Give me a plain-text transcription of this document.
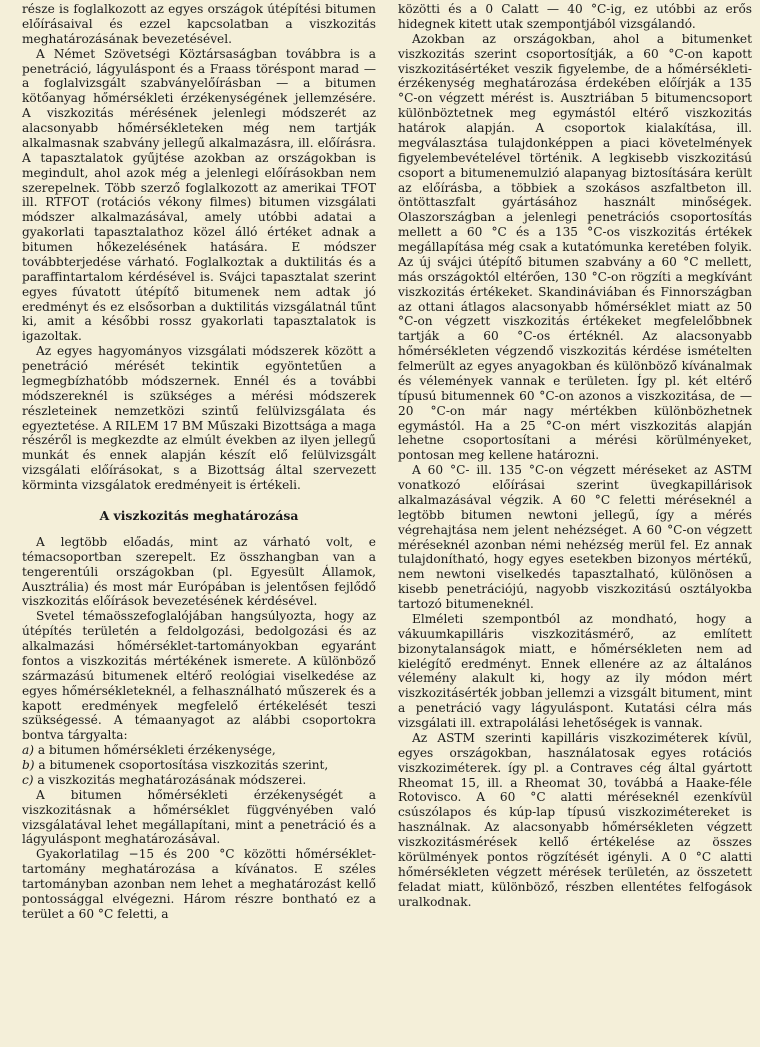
része is foglalkozott az egyes országok útépítési bitumen előírásaival és ezzel kapcsolatban a viszkozitás meghatározásának bevezetésével.

A Német Szövetségi Köztársaságban továbbra is a penetráció, lágyuláspont és a Fraass töréspont marad — a foglalvizsgált szabványelőírásban — a bitumen kötőanyag hőmérsékleti érzékenységének jellemzésére. A viszkozitás mérésének jelenlegi módszerét az alacsonyabb hőmérsékleteken még nem tartják alkalmasnak szabvány jellegű alkalmazásra, ill. előírásra. A tapasztalatok gyűjtése azokban az országokban is megindult, ahol azok még a jelenlegi előírásokban nem szerepelnek. Több szerző foglalkozott az amerikai TFOT ill. RTFOT (rotációs vékony filmes) bitumen vizsgálati módszer alkalmazásával, amely utóbbi adatai a gyakorlati tapasztalathoz közel álló értéket adnak a bitumen hőkezelésének hatására. E módszer továbbterjedése várható. Foglalkoztak a duktilitás és a paraffintartalom kérdésével is. Svájci tapasztalat szerint egyes fúvatott útépítő bitumenek nem adtak jó eredményt és ez elsősorban a duktilitás vizsgálatnál tűnt ki, amit a későbbi rossz gyakorlati tapasztalatok is igazoltak.

Az egyes hagyományos vizsgálati módszerek között a penetráció mérését tekintik egyöntetűen a legmegbízhatóbb módszernek. Ennél és a további módszereknél is szükséges a mérési módszerek részleteinek nemzetközi szintű felülvizsgálata és egyeztetése. A RILEM 17 BM Műszaki Bizottsága a maga részéről is megkezdte az elmúlt években az ilyen jellegű munkát és ennek alapján készít elő felülvizsgált vizsgálati előírásokat, s a Bizottság által szervezett körminta vizsgálatok eredményeit is értékeli.

A viszkozitás meghatározása

A legtöbb előadás, mint az várható volt, e témacsoportban szerepelt. Ez összhangban van a tengerentúli országokban (pl. Egyesült Államok, Ausztrália) és most már Európában is jelentősen fejlődő viszkozitás előírások bevezetésének kérdésével.

Svetel témaösszefoglalójában hangsúlyozta, hogy az útépítés területén a feldolgozási, bedolgozási és az alkalmazási hőmérséklet-tartományokban egyaránt fontos a viszkozitás mértékének ismerete. A különböző származású bitumenek eltérő reológiai viselkedése az egyes hőmérsékleteknél, a felhasználható műszerek és a kapott eredmények megfelelő értékelését teszi szükségessé. A témaanyagot az alábbi csoportokra bontva tárgyalta:

a) a bitumen hőmérsékleti érzékenysége,

b) a bitumenek csoportosítása viszkozitás szerint,

c) a viszkozitás meghatározásának módszerei.

A bitumen hőmérsékleti érzékenységét a viszkozitásnak a hőmérséklet függvényében való vizsgálatával lehet megállapítani, mint a penetráció és a lágyuláspont meghatározásával.

Gyakorlatilag −15 és 200 °C közötti hőmérséklet-tartomány meghatározása a kívánatos. E széles tartományban azonban nem lehet a meghatározást kellő pontossággal elvégezni. Három részre bontható ez a terület a 60 °C feletti, a

közötti és a 0 Calatt — 40 °C-ig, ez utóbbi az erős hidegnek kitett utak szempontjából vizsgálandó.

Azokban az országokban, ahol a bitumenket viszkozitás szerint csoportosítják, a 60 °C-on kapott viszkozitásértéket veszik figyelembe, de a hőmérsékleti-érzékenység meghatározása érdekében előírják a 135 °C-on végzett mérést is. Ausztriában 5 bitumencsoport különböztetnek meg egymástól eltérő viszkozitás határok alapján. A csoportok kialakítása, ill. megválasztása tulajdonképpen a piaci követelmények figyelembevételével történik. A legkisebb viszkozitású csoport a bitumenemulzió alapanyag biztosítására került az előírásba, a többiek a szokásos aszfaltbeton ill. öntöttaszfalt gyártásához használt minőségek. Olaszországban a jelenlegi penetrációs csoportosítás mellett a 60 °C és a 135 °C-os viszkozitás értékek megállapítása még csak a kutatómunka keretében folyik. Az új svájci útépítő bitumen szabvány a 60 °C mellett, más országoktól eltérően, 130 °C-on rögzíti a megkívánt viszkozitás értékeket. Skandináviában és Finnországban az ottani átlagos alacsonyabb hőmérséklet miatt az 50 °C-on végzett viszkozitás értékeket megfelelőbbnek tartják a 60 °C-os értéknél. Az alacsonyabb hőmérsékleten végzendő viszkozitás kérdése ismételten felmerült az egyes anyagokban és különböző kívánalmak és vélemények vannak e területen. Így pl. két eltérő típusú bitumennek 60 °C-on azonos a viszkozitása, de — 20 °C-on már nagy mértékben különbözhetnek egymástól. Ha a 25 °C-on mért viszkozitás alapján lehetne csoportosítani a mérési körülményeket, pontosan meg kellene határozni.

A 60 °C- ill. 135 °C-on végzett méréseket az ASTM vonatkozó előírásai szerint üvegkapillárisok alkalmazásával végzik. A 60 °C feletti méréseknél a legtöbb bitumen newtoni jellegű, így a mérés végrehajtása nem jelent nehézséget. A 60 °C-on végzett méréseknél azonban némi nehézség merül fel. Ez annak tulajdonítható, hogy egyes esetekben bizonyos mértékű, nem newtoni viselkedés tapasztalható, különösen a kisebb penetrációjú, nagyobb viszkozitású osztályokba tartozó bitumeneknél.

Elméleti szempontból az mondható, hogy a vákuumkapilláris viszkozitásmérő, az említett bizonytalanságok miatt, e hőmérsékleten nem ad kielégítő eredményt. Ennek ellenére az az általános vélemény alakult ki, hogy az ily módon mért viszkozitásérték jobban jellemzi a vizsgált bitument, mint a penetráció vagy lágyuláspont. Kutatási célra más vizsgálati ill. extrapolálási lehetőségek is vannak.

Az ASTM szerinti kapilláris viszkoziméterek kívül, egyes országokban, használatosak egyes rotációs viszkoziméterek. így pl. a Contraves cég által gyártott Rheomat 15, ill. a Rheomat 30, továbbá a Haake-féle Rotovisco. A 60 °C alatti méréseknél ezenkívül csúszólapos és kúp-lap típusú viszkozimétereket is használnak. Az alacsonyabb hőmérsékleten végzett viszkozitásmérések kellő értékelése az összes körülmények pontos rögzítését igényli. A 0 °C alatti hőmérsékleten végzett mérések területén, az összetett feladat miatt, különböző, részben ellentétes felfogások uralkodnak.
